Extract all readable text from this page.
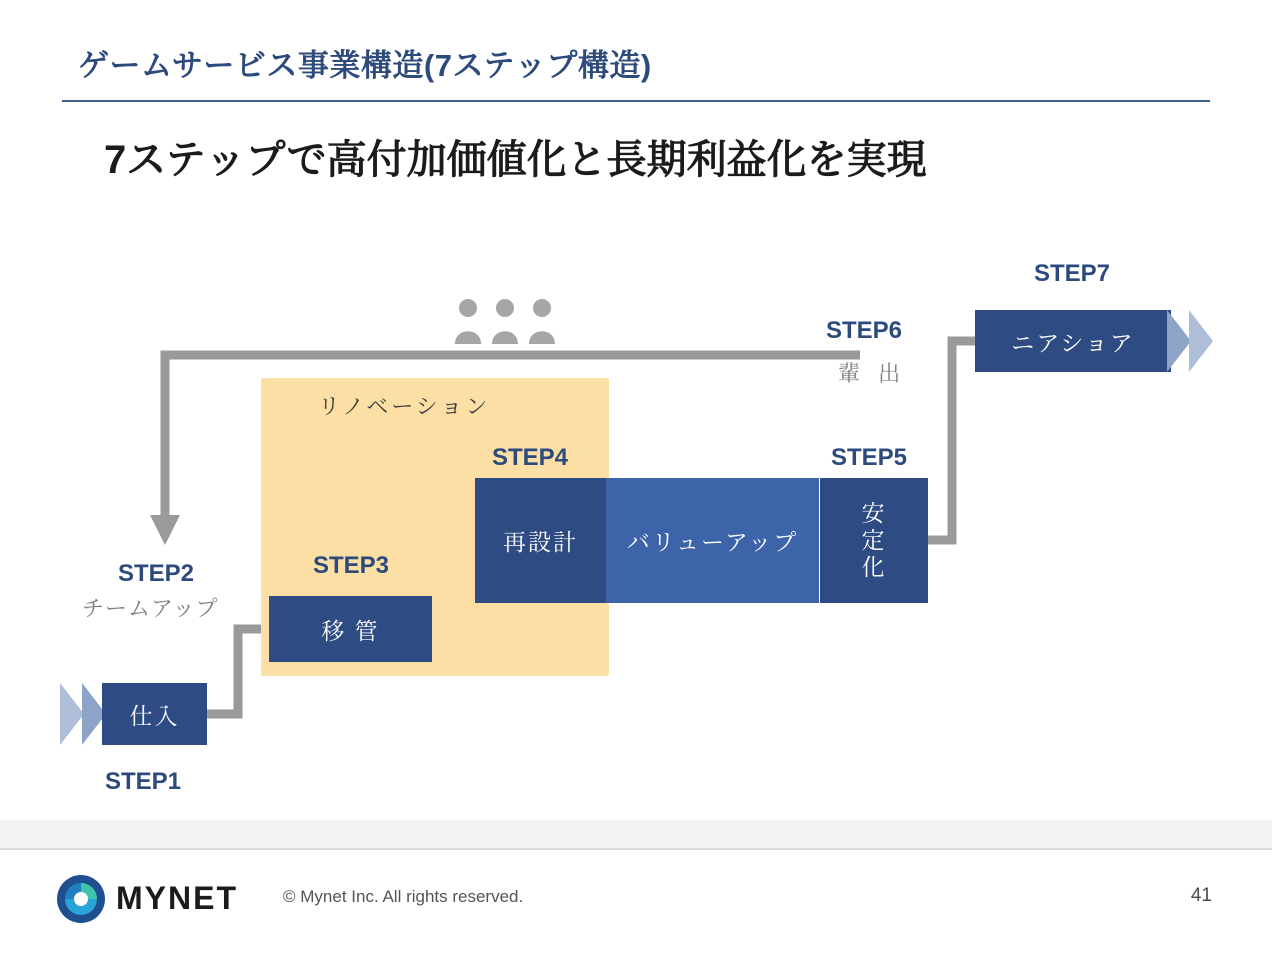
ゲームサービス事業構造(7ステップ構造)
7ステップで高付加価値化と長期利益化を実現
リノベーション
仕入
STEP1
STEP2
チームアップ
移 管
STEP3
再設計	バリューアップ
STEP4
安
定
化
STEP5
STEP6
輩 出
ニアショア
STEP7
MYNET	© Mynet Inc. All rights reserved.	41
